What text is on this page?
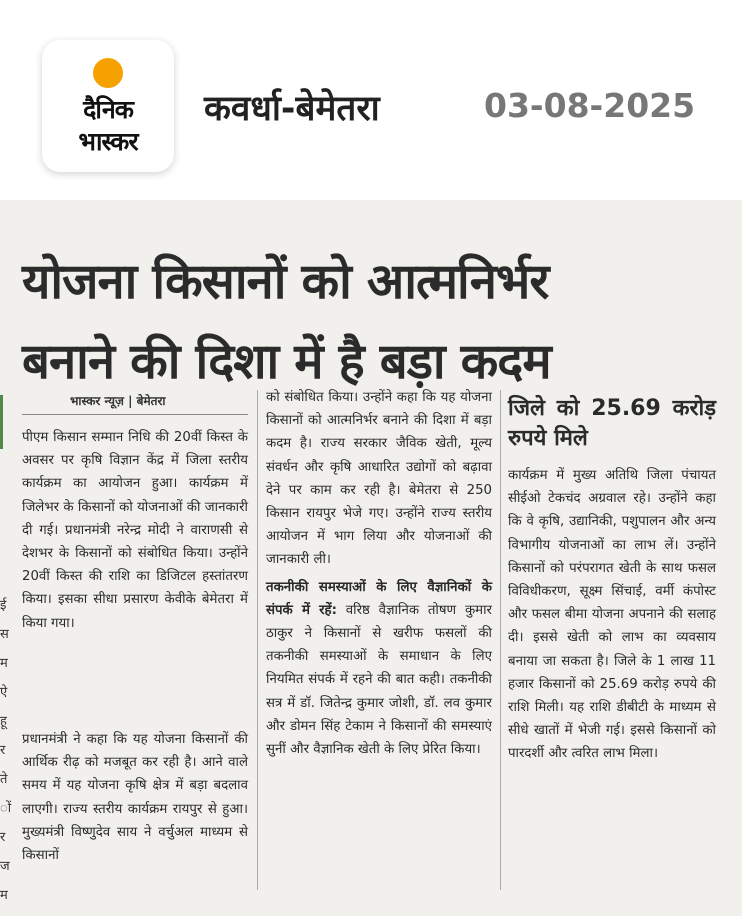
दैनिक
भास्कर
कवर्धा-बेमेतरा	03-08-2025
योजना किसानों को आत्मनिर्भर
बनाने की दिशा में है बड़ा कदम
ई
स
म
ऐ
हू
र
ते
ों
र
ज
म
भास्कर न्यूज़ | बेमेतरा
पीएम किसान सम्मान निधि की 20वीं किस्त के अवसर पर कृषि विज्ञान केंद्र में जिला स्तरीय कार्यक्रम का आयोजन हुआ। कार्यक्रम में जिलेभर के किसानों को योजनाओं की जानकारी दी गई। प्रधानमंत्री नरेन्द्र मोदी ने वाराणसी से देशभर के किसानों को संबोधित किया। उन्होंने 20वीं किस्त की राशि का डिजिटल हस्तांतरण किया। इसका सीधा प्रसारण केवीके बेमेतरा में किया गया।
प्रधानमंत्री ने कहा कि यह योजना किसानों की आर्थिक रीढ़ को मजबूत कर रही है। आने वाले समय में यह योजना कृषि क्षेत्र में बड़ा बदलाव लाएगी। राज्य स्तरीय कार्यक्रम रायपुर से हुआ। मुख्यमंत्री विष्णुदेव साय ने वर्चुअल माध्यम से किसानों
को संबोधित किया। उन्होंने कहा कि यह योजना किसानों को आत्मनिर्भर बनाने की दिशा में बड़ा कदम है। राज्य सरकार जैविक खेती, मूल्य संवर्धन और कृषि आधारित उद्योगों को बढ़ावा देने पर काम कर रही है। बेमेतरा से 250 किसान रायपुर भेजे गए। उन्होंने राज्य स्तरीय आयोजन में भाग लिया और योजनाओं की जानकारी ली।
तकनीकी समस्याओं के लिए वैज्ञानिकों के संपर्क में रहें: वरिष्ठ वैज्ञानिक तोषण कुमार ठाकुर ने किसानों से खरीफ फसलों की तकनीकी समस्याओं के समाधान के लिए नियमित संपर्क में रहने की बात कही। तकनीकी सत्र में डॉ. जितेन्द्र कुमार जोशी, डॉ. लव कुमार और डोमन सिंह टेकाम ने किसानों की समस्याएं सुनीं और वैज्ञानिक खेती के लिए प्रेरित किया।
जिले को 25.69 करोड़ रुपये मिले
कार्यक्रम में मुख्य अतिथि जिला पंचायत सीईओ टेकचंद अग्रवाल रहे। उन्होंने कहा कि वे कृषि, उद्यानिकी, पशुपालन और अन्य विभागीय योजनाओं का लाभ लें। उन्होंने किसानों को परंपरागत खेती के साथ फसल विविधीकरण, सूक्ष्म सिंचाई, वर्मी कंपोस्ट और फसल बीमा योजना अपनाने की सलाह दी। इससे खेती को लाभ का व्यवसाय बनाया जा सकता है। जिले के 1 लाख 11 हजार किसानों को 25.69 करोड़ रुपये की राशि मिली। यह राशि डीबीटी के माध्यम से सीधे खातों में भेजी गई। इससे किसानों को पारदर्शी और त्वरित लाभ मिला।
